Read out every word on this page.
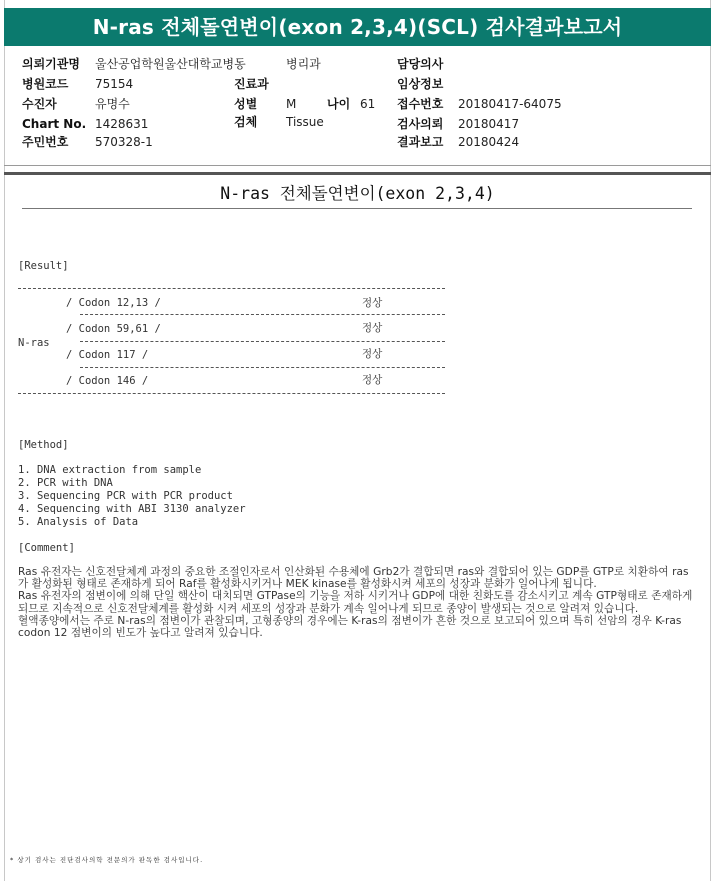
N-ras 전체돌연변이(exon 2,3,4)(SCL) 검사결과보고서
의뢰기관명 울산공업학원울산대학교병동	병리과	담당의사
병원코드 75154	진료과	임상정보
수진자	유명수	성별 M	나이 61 접수번호 20180417-64075
Chart No. 1428631	검체 Tissue	검사의뢰 20180417
주민번호 570328-1	결과보고 20180424
N-ras 전체돌연변이(exon 2,3,4)
[Result]
/ Codon 12,13 /	정상
N-ras
/ Codon 59,61 /	정상
/ Codon 117 /	정상
/ Codon 146 /	정상
[Method]
1. DNA extraction from sample
2. PCR with DNA
3. Sequencing PCR with PCR product
4. Sequencing with ABI 3130 analyzer
5. Analysis of Data
[Comment]

Ras 유전자는 신호전달체계 과정의 중요한 조절인자로서 인산화된 수용체에 Grb2가 결합되면 ras와 결합되어 있는 GDP를 GTP로 치환하여 ras가 활성화된 형태로 존재하게 되어 Raf를 활성화시키거나 MEK kinase를 활성화시켜 세포의 성장과 분화가 일어나게 됩니다.

Ras 유전자의 점변이에 의해 단일 핵산이 대치되면 GTPase의 기능을 저하 시키거나 GDP에 대한 친화도를 감소시키고 계속 GTP형태로 존재하게 되므로 지속적으로 신호전달체계를 활성화 시켜 세포의 성장과 분화가 계속 일어나게 되므로 종양이 발생되는 것으로 알려져 있습니다.

혈액종양에서는 주로 N-ras의 점변이가 관찰되며, 고형종양의 경우에는 K-ras의 점변이가 흔한 것으로 보고되어 있으며 특히 선암의 경우 K-ras codon 12 점변이의 빈도가 높다고 알려져 있습니다.

* 상기 검사는 진단검사의학 전문의가 판독한 검사입니다.
